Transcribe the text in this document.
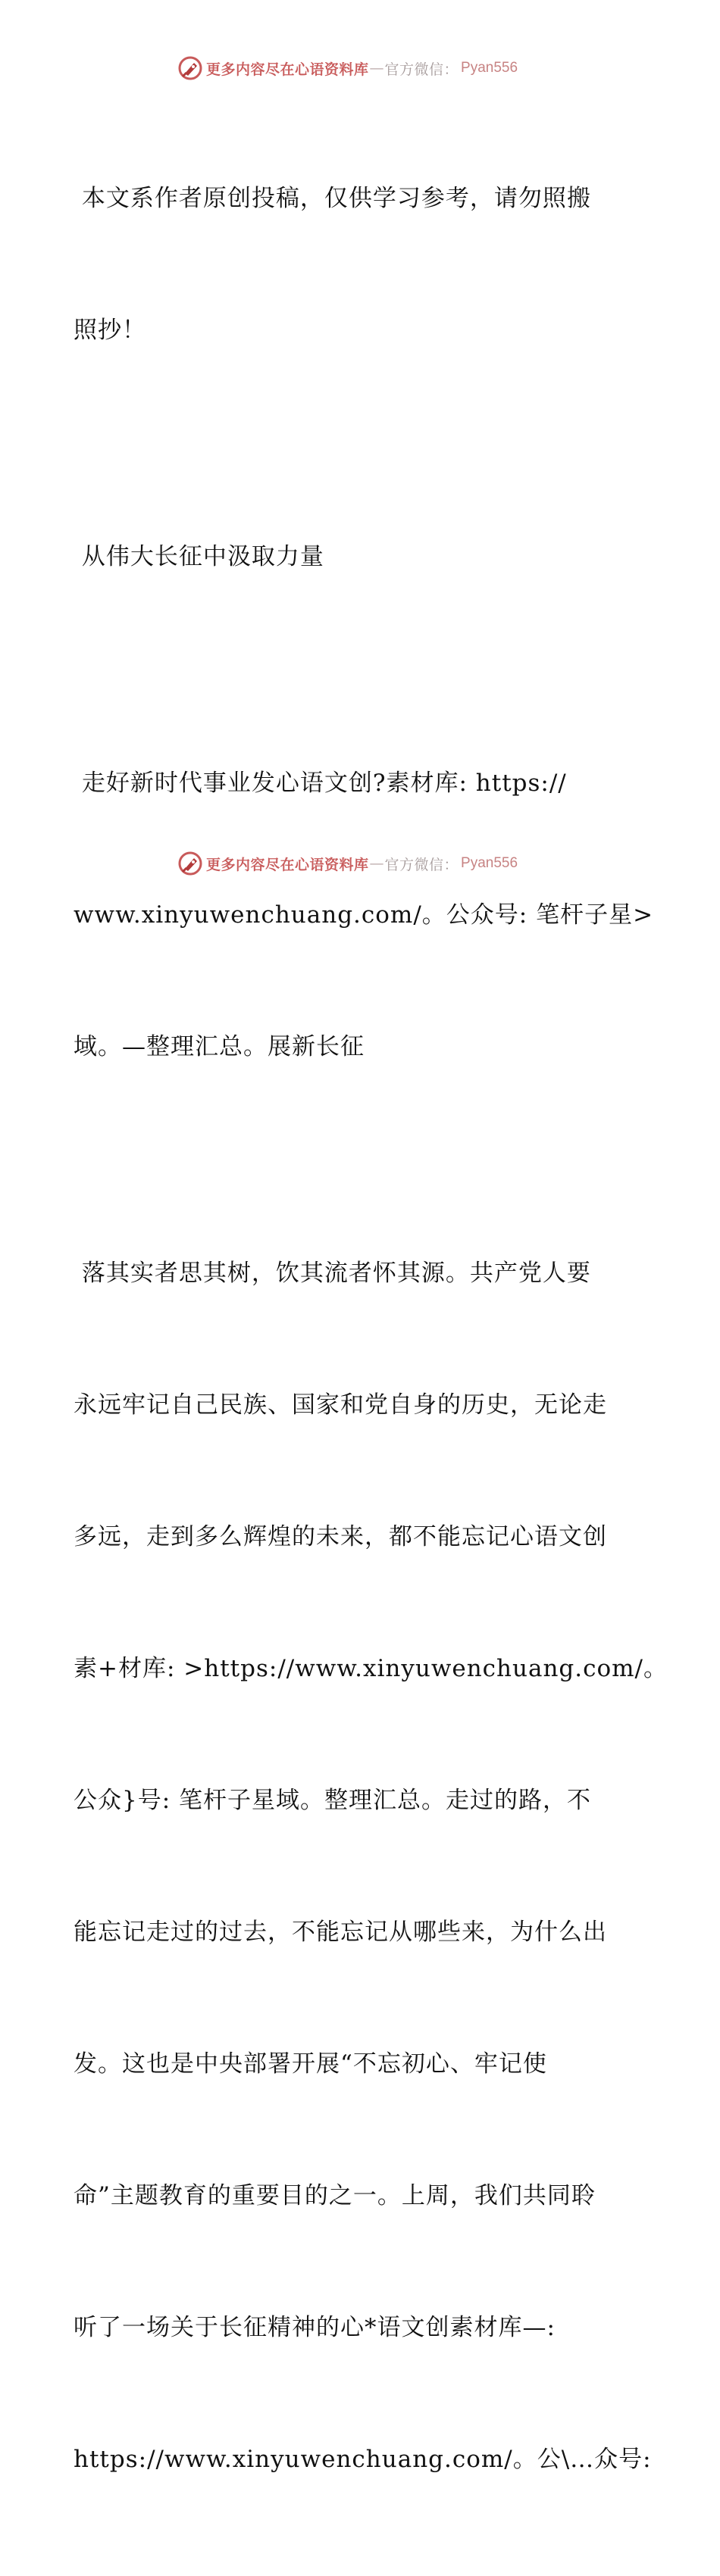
更多内容尽在心语资料库 — 官方微信： Pyan556

本文系作者原创投稿，仅供学习参考，请勿照搬

照抄！

从伟大长征中汲取力量

走好新时代事业发心语文创?素材库: https://

www.xinyuwenchuang.com/。公众号: 笔杆子星>

域。—整理汇总。展新长征

落其实者思其树，饮其流者怀其源。共产党人要

永远牢记自己民族、国家和党自身的历史，无论走

多远，走到多么辉煌的未来，都不能忘记心语文创

素+材库: >https://www.xinyuwenchuang.com/。

公众}号: 笔杆子星域。整理汇总。走过的路，不

能忘记走过的过去，不能忘记从哪些来，为什么出

发。这也是中央部署开展“不忘初心、牢记使

命”主题教育的重要目的之一。上周，我们共同聆

听了一场关于长征精神的心*语文创素材库—:

https://www.xinyuwenchuang.com/。公\…众号:

更多内容尽在心语资料库 — 官方微信： Pyan556
